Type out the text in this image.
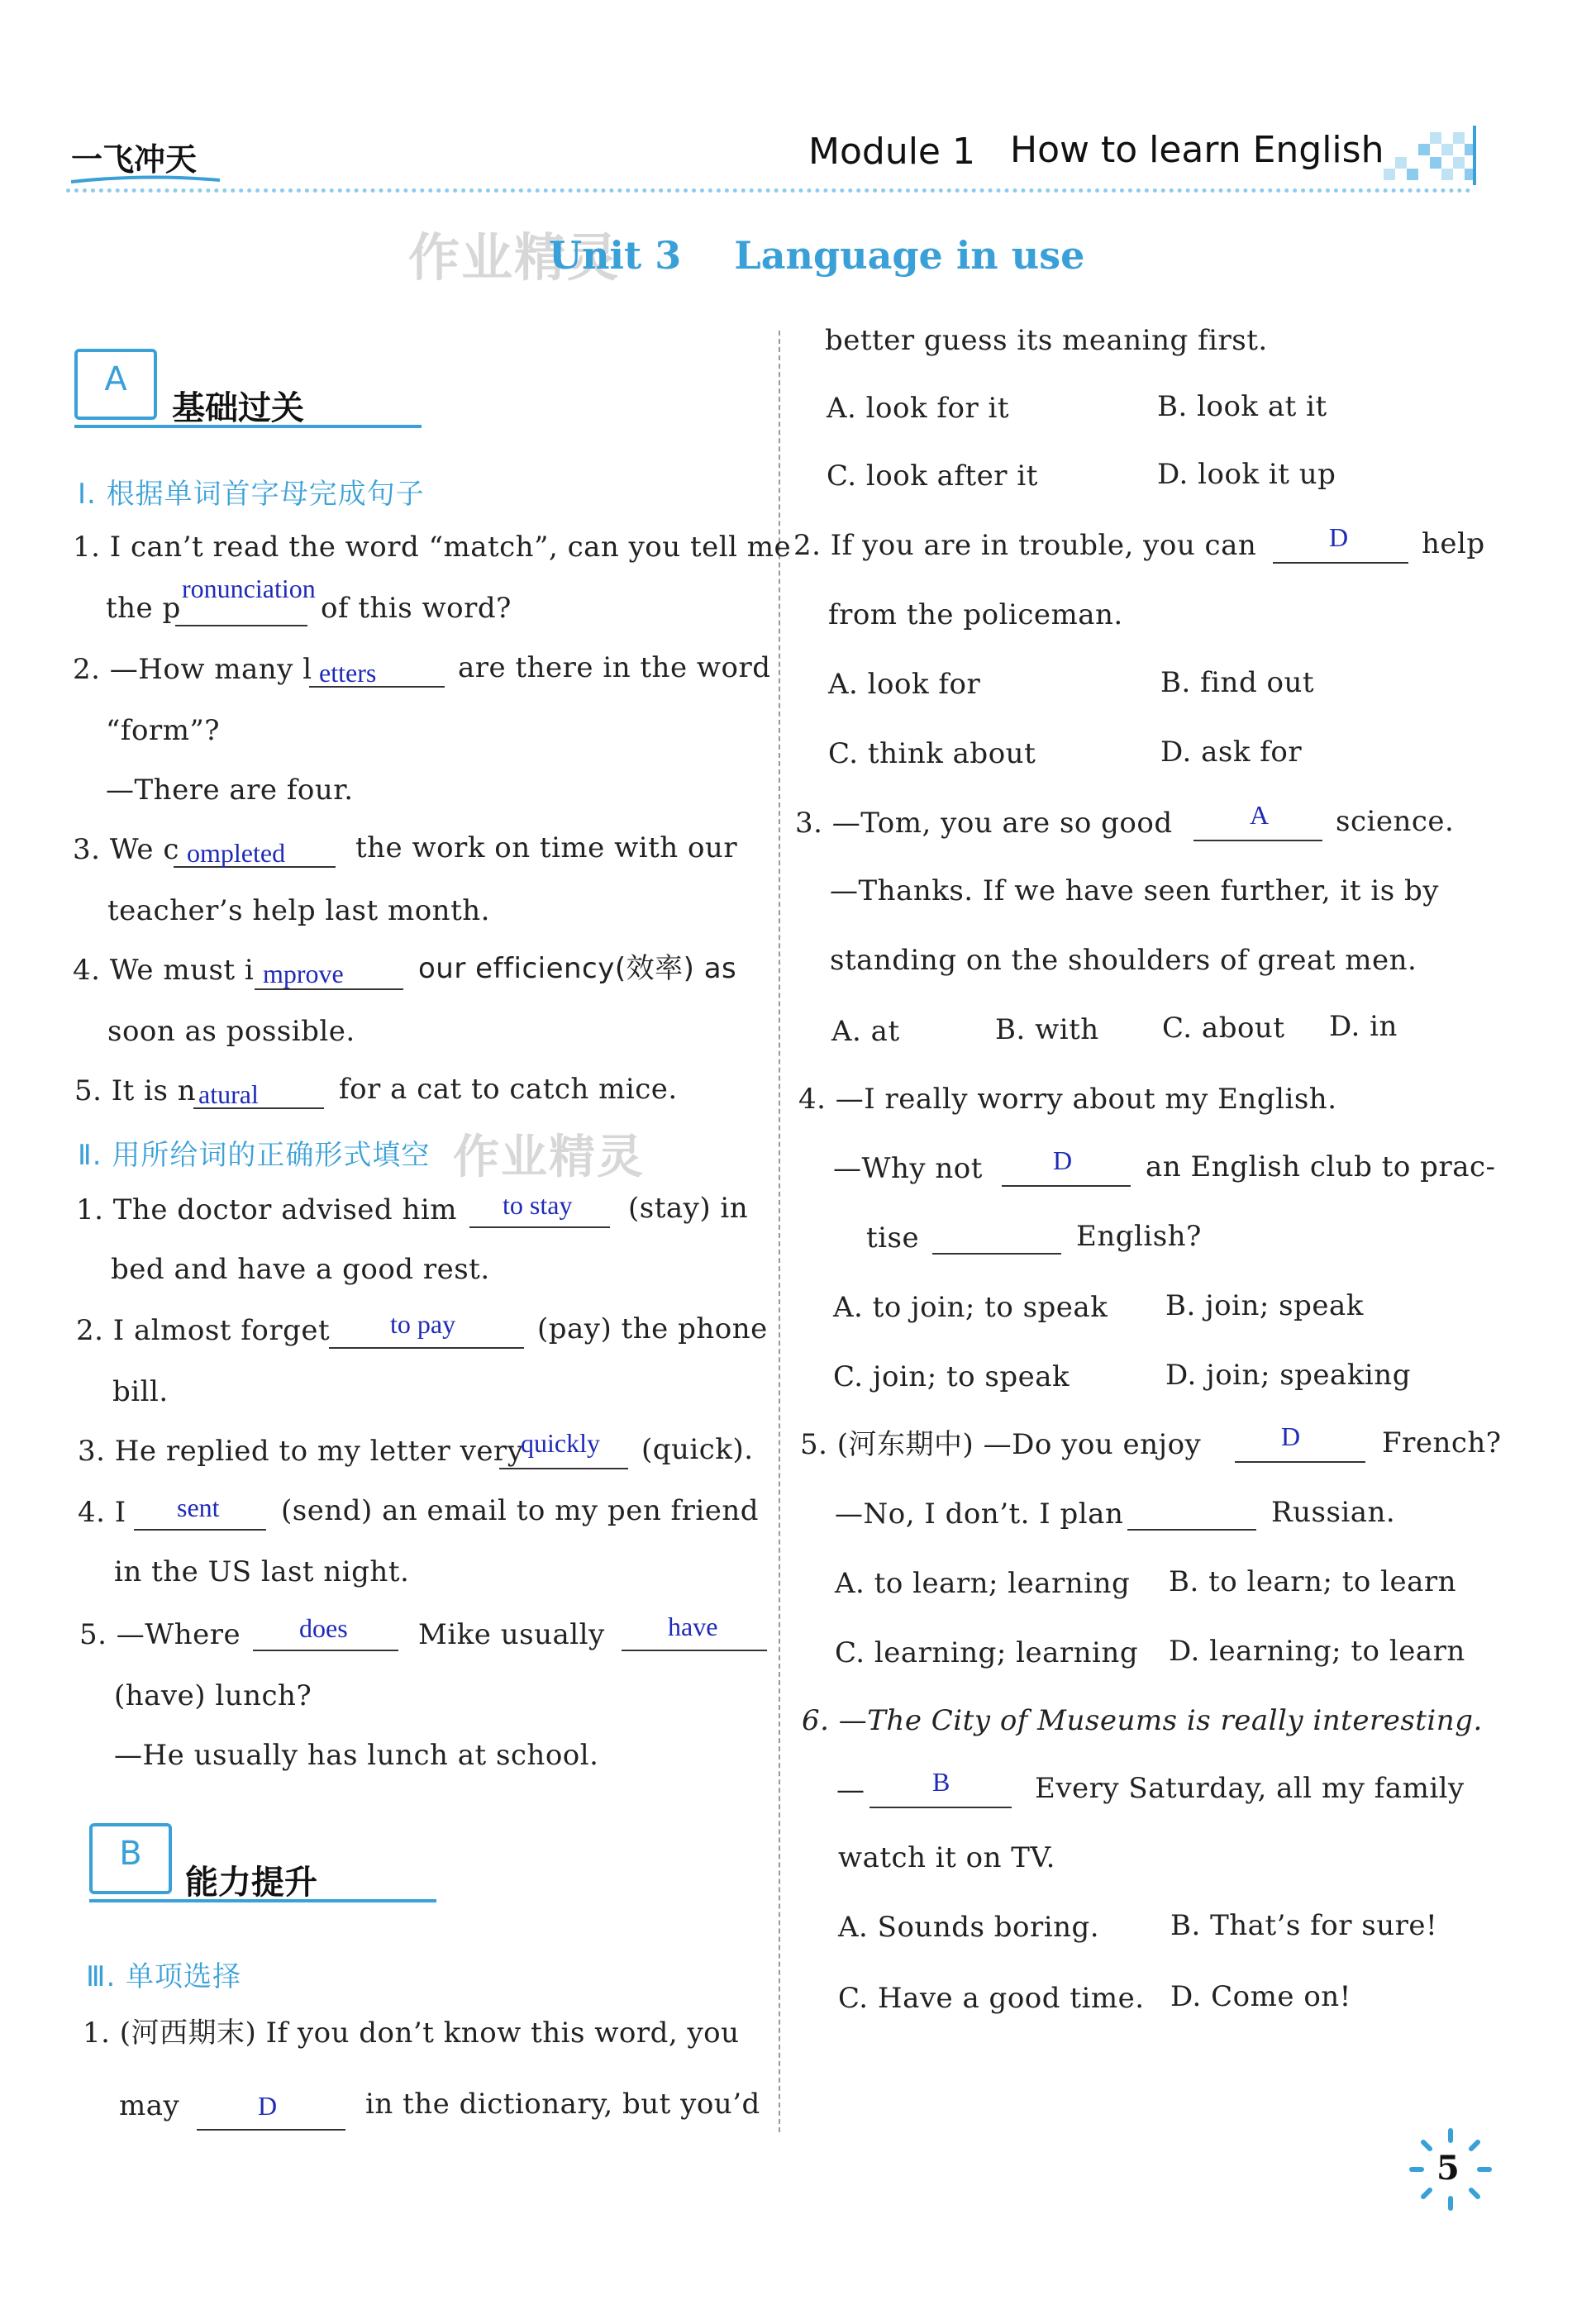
一飞冲天	Module 1 How to learn English
作业精灵
Unit 3    Language in use
A
基础过关
Ⅰ. 根据单词首字母完成句子
1. I can’t read the word “match”, can you tell me
the p
ronunciation
of this word?
2. —How many l etters	are there in the word
“form”?
—There are four.
3. We c ompleted the work on time with our
teacher’s help last month.
4. We must i mprove	our efficiency(效率) as
soon as possible.
5. It is n atural	for a cat to catch mice.
Ⅱ. 用所给词的正确形式填空 作业精灵
1. The doctor advised him to stay (stay) in
bed and have a good rest.
2. I almost forget to pay	(pay) the phone
bill.
3. He replied to my letter very
quickly (quick).
4. I sent (send) an email to my pen friend
in the US last night.
5. —Where does	Mike usually have
(have) lunch?
—He usually has lunch at school.
B
能力提升
Ⅲ. 单项选择
1. (河西期末) If you don’t know this word, you
may	D	in the dictionary, but you’d
better guess its meaning first.
A. look for it	B. look at it
C. look after it	D. look it up
2. If you are in trouble, you can	D	help
from the policeman.
A. look for	B. find out
C. think about	D. ask for
3. —Tom, you are so good	A science.
—Thanks. If we have seen further, it is by
standing on the shoulders of great men.
A. at	B. with C. about D. in
4. —I really worry about my English.
—Why not	D	an English club to prac-
tise	English?
A. to join; to speak B. join; speak
C. join; to speak	D. join; speaking
5. (河东期中) —Do you enjoy	D	French?
—No, I don’t. I plan	Russian.
A. to learn; learning B. to learn; to learn
C. learning; learning D. learning; to learn
6. —The City of Museums is really interesting.
—	B	Every Saturday, all my family
watch it on TV.
A. Sounds boring.	B. That’s for sure!
C. Have a good time. D. Come on!
5
